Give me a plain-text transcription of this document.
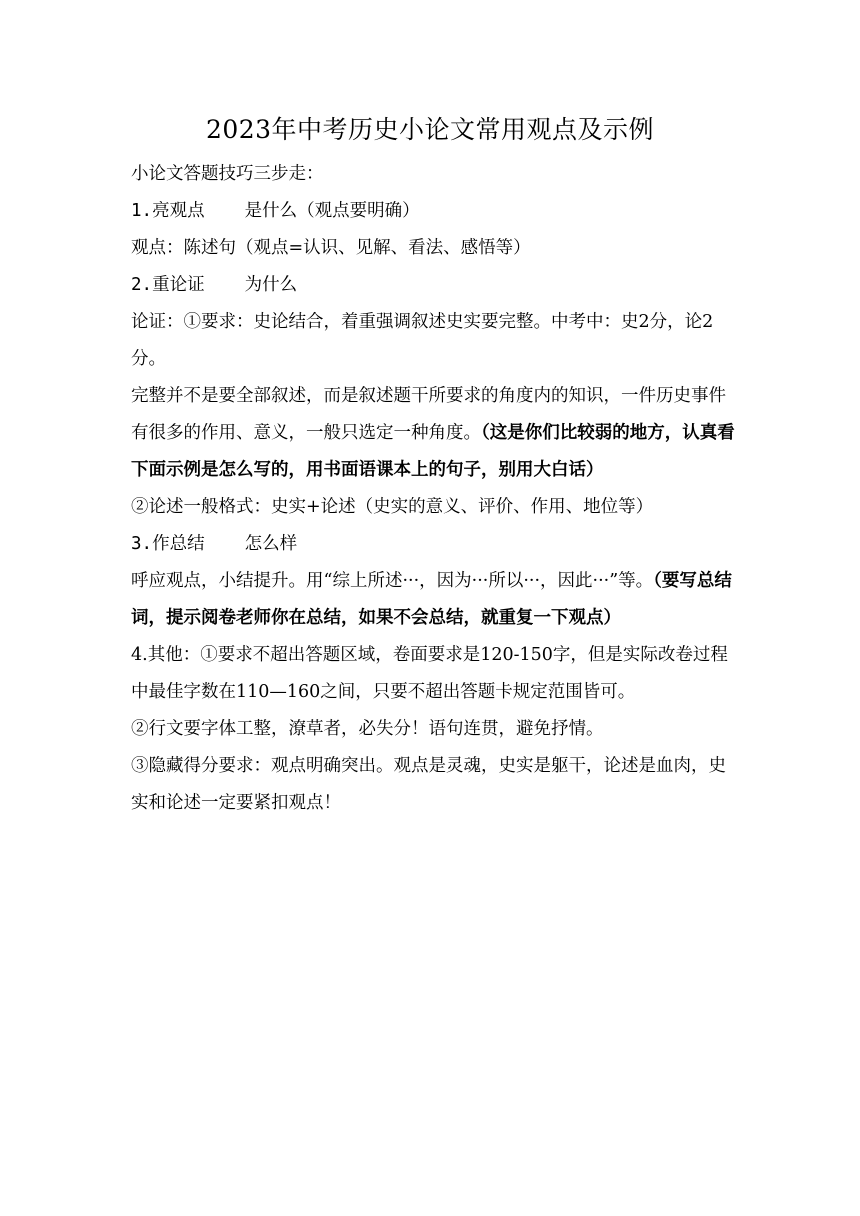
2023年中考历史小论文常用观点及示例

小论文答题技巧三步走：

1.亮观点 是什么（观点要明确）

观点：陈述句（观点=认识、见解、看法、感悟等）

2.重论证 为什么

论证：①要求：史论结合，着重强调叙述史实要完整。中考中：史2分，论2分。

完整并不是要全部叙述，而是叙述题干所要求的角度内的知识，一件历史事件有很多的作用、意义，一般只选定一种角度。（这是你们比较弱的地方，认真看下面示例是怎么写的，用书面语课本上的句子，别用大白话）

②论述一般格式：史实+论述（史实的意义、评价、作用、地位等）

3.作总结 怎么样

呼应观点，小结提升。用“综上所述···，因为···所以···，因此···”等。（要写总结词，提示阅卷老师你在总结，如果不会总结，就重复一下观点）

4.其他：①要求不超出答题区域，卷面要求是120-150字，但是实际改卷过程中最佳字数在110—160之间，只要不超出答题卡规定范围皆可。

②行文要字体工整，潦草者，必失分！语句连贯，避免抒情。

③隐藏得分要求：观点明确突出。观点是灵魂，史实是躯干，论述是血肉，史实和论述一定要紧扣观点！
